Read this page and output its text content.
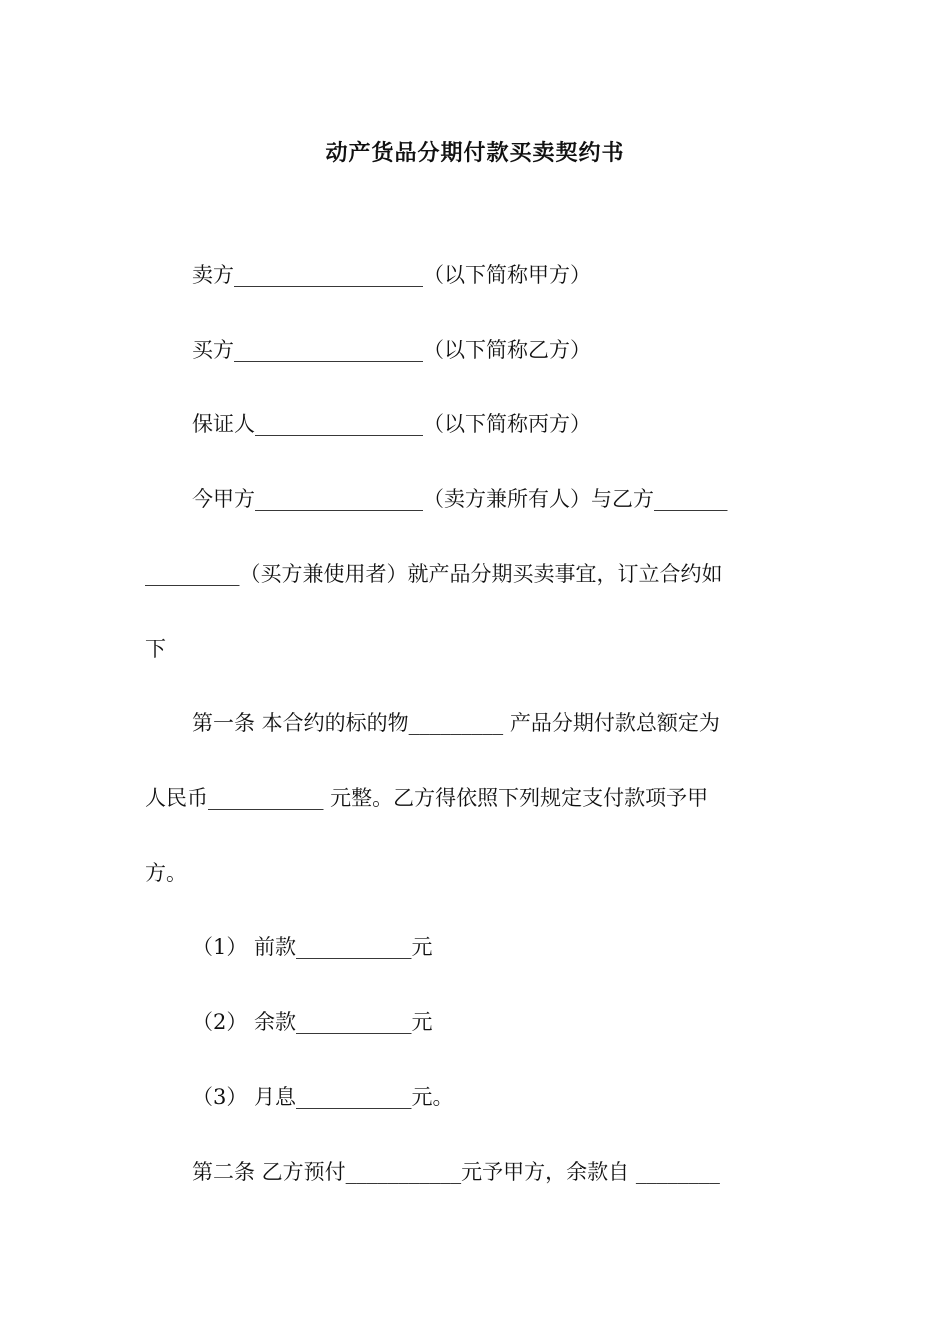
动产货品分期付款买卖契约书
卖方__________________（以下简称甲方）
买方__________________（以下简称乙方）
保证人________________（以下简称丙方）
今甲方________________（卖方兼所有人）与乙方_______
_________（买方兼使用者）就产品分期买卖事宜，订立合约如
下
第一条 本合约的标的物_________ 产品分期付款总额定为
人民币___________ 元整。乙方得依照下列规定支付款项予甲
方。
（1） 前款___________元
（2） 余款___________元
（3） 月息___________元。
第二条 乙方预付___________元予甲方，余款自 ________
